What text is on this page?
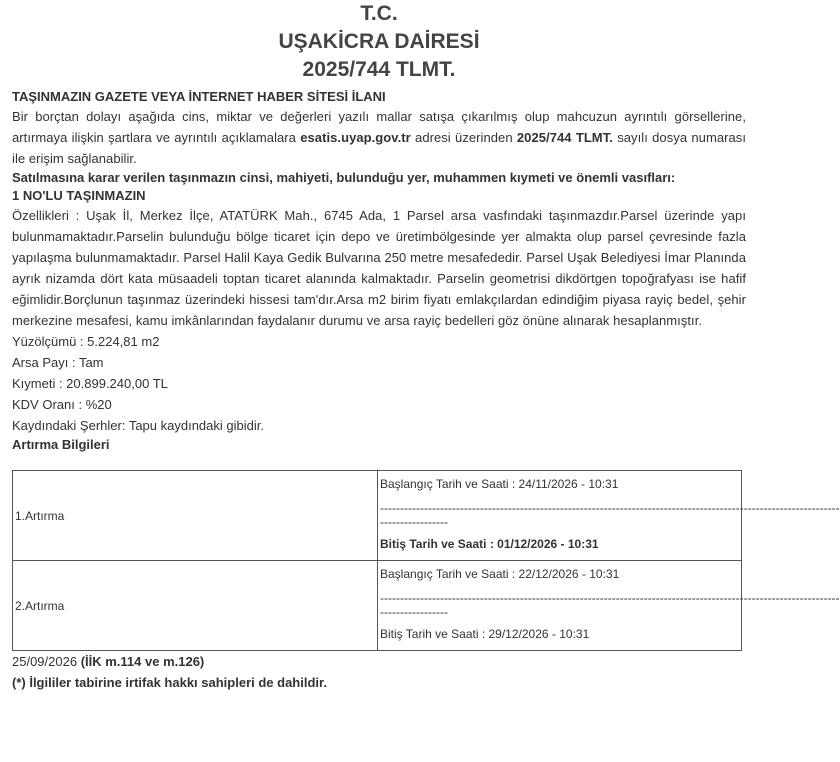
T.C.
UŞAKİCRA DAİRESİ
2025/744 TLMT.
TAŞINMAZIN GAZETE VEYA İNTERNET HABER SİTESİ İLANI

Bir borçtan dolayı aşağıda cins, miktar ve değerleri yazılı mallar satışa çıkarılmış olup mahcuzun ayrıntılı görsellerine, artırmaya ilişkin şartlara ve ayrıntılı açıklamalara esatis.uyap.gov.tr adresi üzerinden 2025/744 TLMT. sayılı dosya numarası ile erişim sağlanabilir.

Satılmasına karar verilen taşınmazın cinsi, mahiyeti, bulunduğu yer, muhammen kıymeti ve önemli vasıfları:
1 NO'LU TAŞINMAZIN

Özellikleri : Uşak İl, Merkez İlçe, ATATÜRK Mah., 6745 Ada, 1 Parsel arsa vasfındaki taşınmazdır.Parsel üzerinde yapı bulunmamaktadır.Parselin bulunduğu bölge ticaret için depo ve üretimbölgesinde yer almakta olup parsel çevresinde fazla yapılaşma bulunmamaktadır. Parsel Halil Kaya Gedik Bulvarına 250 metre mesafededir. Parsel Uşak Belediyesi İmar Planında ayrık nizamda dört kata müsaadeli toptan ticaret alanında kalmaktadır. Parselin geometrisi dikdörtgen topoğrafyası ise hafif eğimlidir.Borçlunun taşınmaz üzerindeki hissesi tam'dır.Arsa m2 birim fiyatı emlakçılardan edindiğim piyasa rayiç bedel, şehir merkezine mesafesi, kamu imkânlarından faydalanır durumu ve arsa rayiç bedelleri göz önüne alınarak hesaplanmıştır.

Yüzölçümü : 5.224,81 m2
Arsa Payı : Tam
Kıymeti : 20.899.240,00 TL
KDV Oranı : %20
Kaydındaki Şerhler: Tapu kaydındaki gibidir.
Artırma Bilgileri
1.Artırma	Başlangıç Tarih ve Saati : 24/11/2026 - 10:31
-------------------------------------------------------------------------------------------------------------------
-----------------
Bitiş Tarih ve Saati : 01/12/2026 - 10:31

2.Artırma	Başlangıç Tarih ve Saati : 22/12/2026 - 10:31
-------------------------------------------------------------------------------------------------------------------
-----------------
Bitiş Tarih ve Saati : 29/12/2026 - 10:31
25/09/2026 (İİK m.114 ve m.126)
(*) İlgililer tabirine irtifak hakkı sahipleri de dahildir.
